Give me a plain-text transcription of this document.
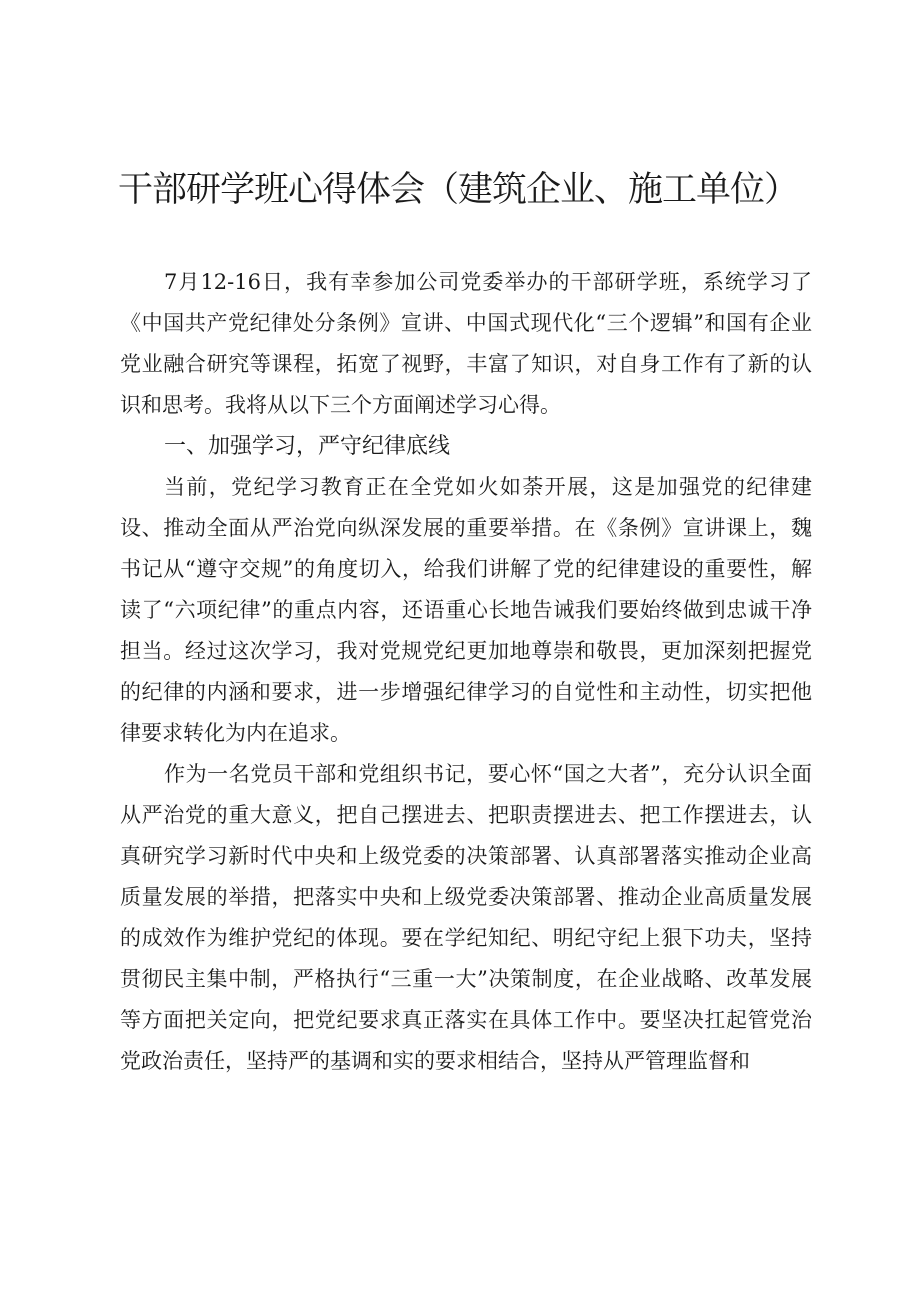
干部研学班心得体会（建筑企业、施工单位）

7月12-16日，我有幸参加公司党委举办的干部研学班，系统学习了《中国共产党纪律处分条例》宣讲、中国式现代化“三个逻辑”和国有企业党业融合研究等课程，拓宽了视野，丰富了知识，对自身工作有了新的认识和思考。我将从以下三个方面阐述学习心得。

一、加强学习，严守纪律底线

当前，党纪学习教育正在全党如火如荼开展，这是加强党的纪律建设、推动全面从严治党向纵深发展的重要举措。在《条例》宣讲课上，魏书记从“遵守交规”的角度切入，给我们讲解了党的纪律建设的重要性，解读了“六项纪律”的重点内容，还语重心长地告诫我们要始终做到忠诚干净担当。经过这次学习，我对党规党纪更加地尊崇和敬畏，更加深刻把握党的纪律的内涵和要求，进一步增强纪律学习的自觉性和主动性，切实把他律要求转化为内在追求。

作为一名党员干部和党组织书记，要心怀“国之大者”，充分认识全面从严治党的重大意义，把自己摆进去、把职责摆进去、把工作摆进去，认真研究学习新时代中央和上级党委的决策部署、认真部署落实推动企业高质量发展的举措，把落实中央和上级党委决策部署、推动企业高质量发展的成效作为维护党纪的体现。要在学纪知纪、明纪守纪上狠下功夫，坚持贯彻民主集中制，严格执行“三重一大”决策制度，在企业战略、改革发展等方面把关定向，把党纪要求真正落实在具体工作中。要坚决扛起管党治党政治责任，坚持严的基调和实的要求相结合，坚持从严管理监督和
